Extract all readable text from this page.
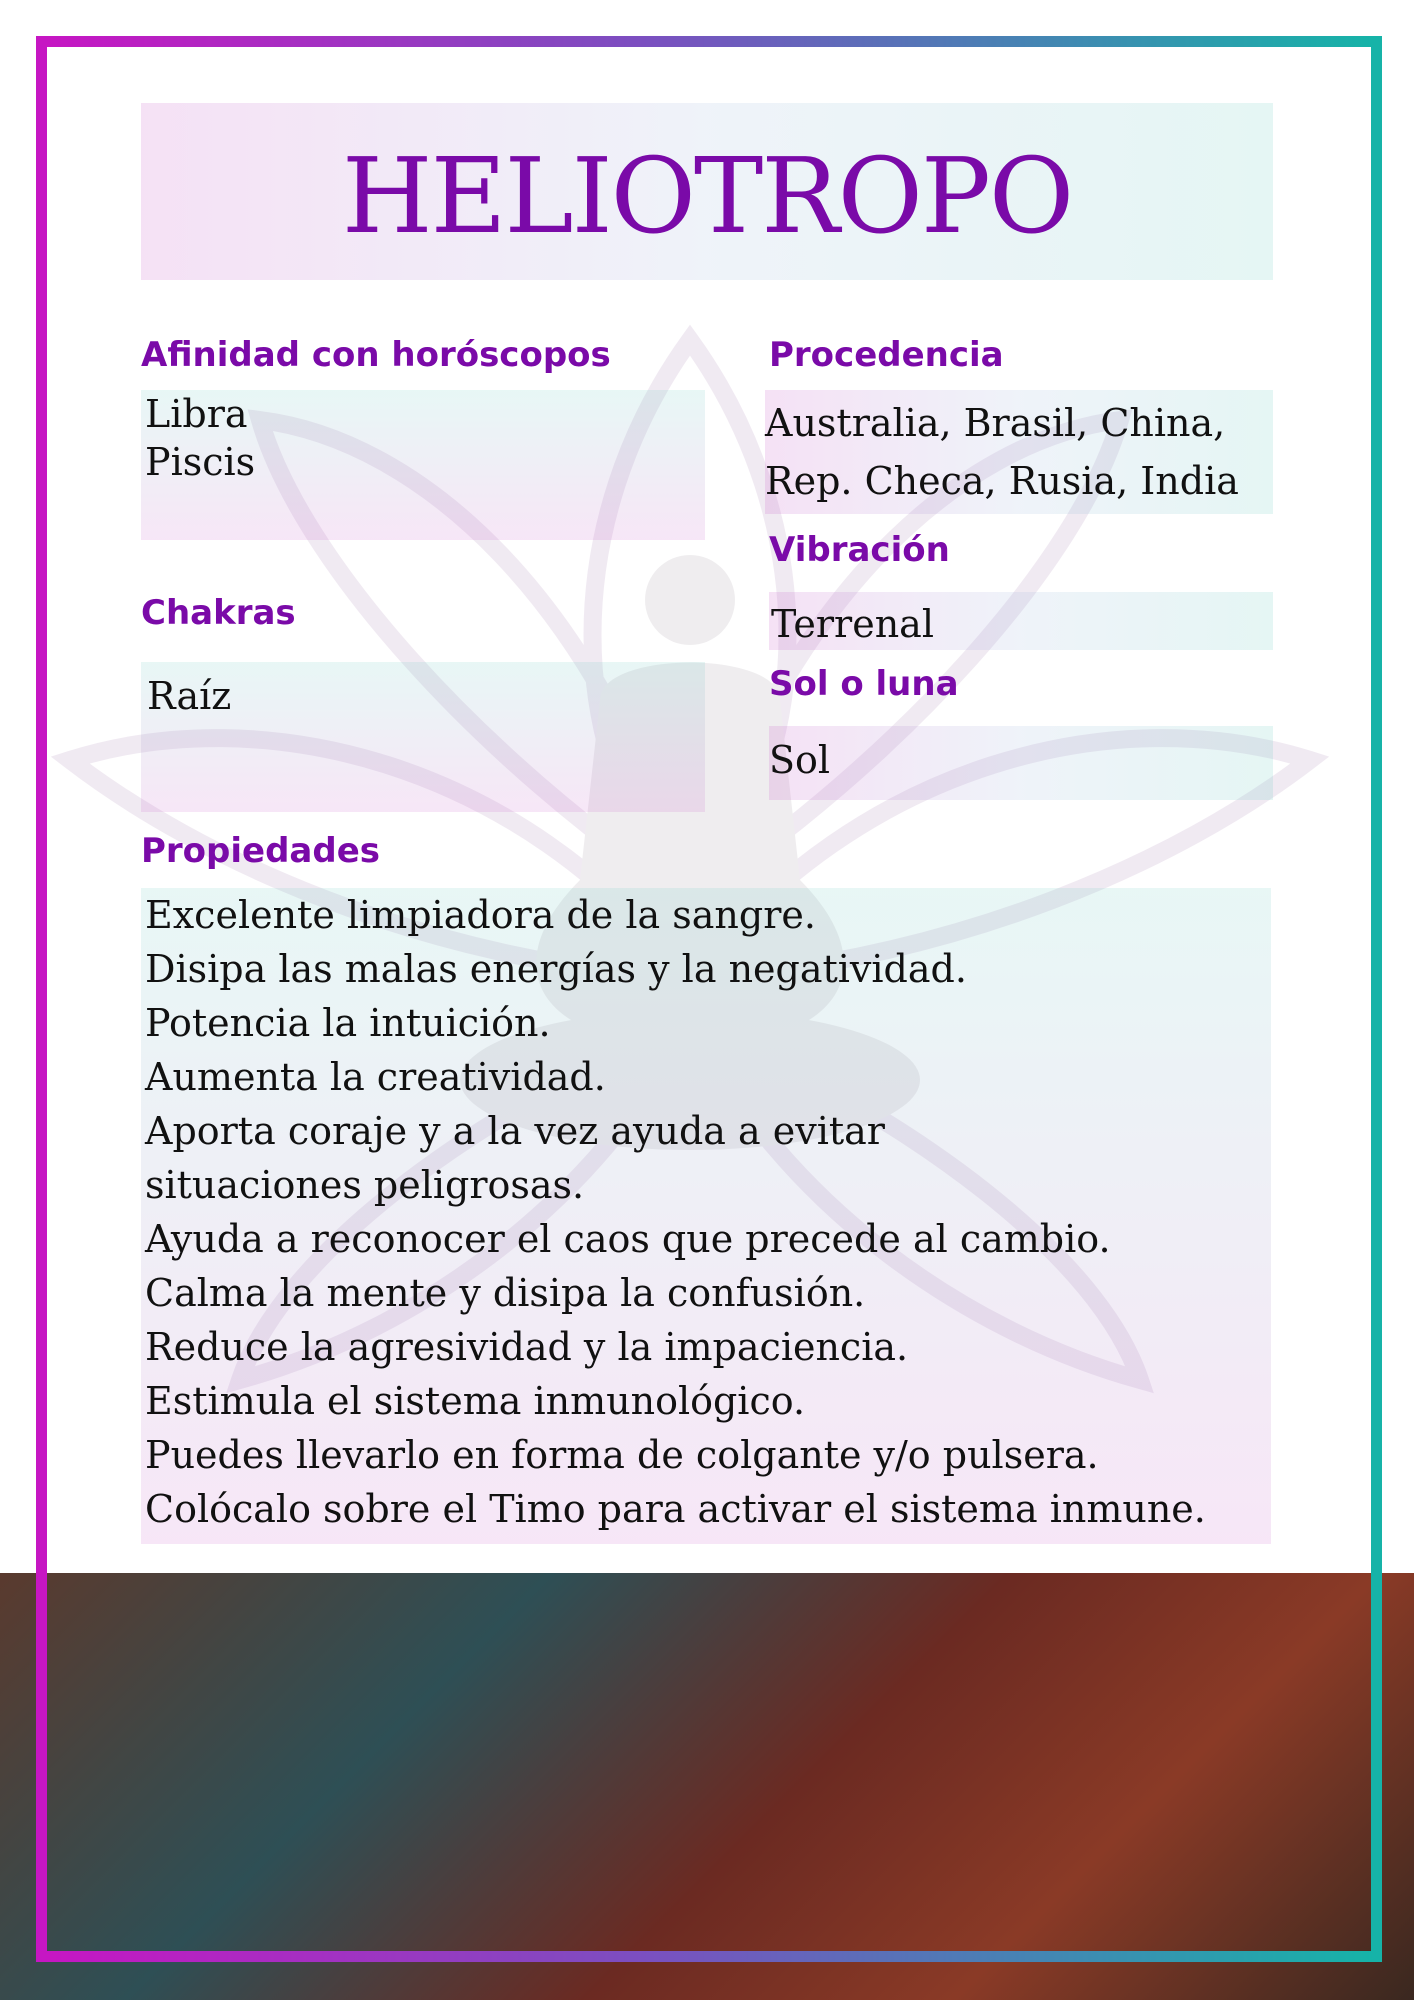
HELIOTROPO
Afinidad con horóscopos
Libra
Piscis
Procedencia
Australia, Brasil, China,
Rep. Checa, Rusia, India
Vibración
Terrenal
Chakras
Raíz	Sol o luna
Sol
Propiedades
Excelente limpiadora de la sangre.
Disipa las malas energías y la negatividad.
Potencia la intuición.
Aumenta la creatividad.
Aporta coraje y a la vez ayuda a evitar situaciones peligrosas.
Ayuda a reconocer el caos que precede al cambio.
Calma la mente y disipa la confusión.
Reduce la agresividad y la impaciencia.
Estimula el sistema inmunológico.
Puedes llevarlo en forma de colgante y/o pulsera.
Colócalo sobre el Timo para activar el sistema inmune.
